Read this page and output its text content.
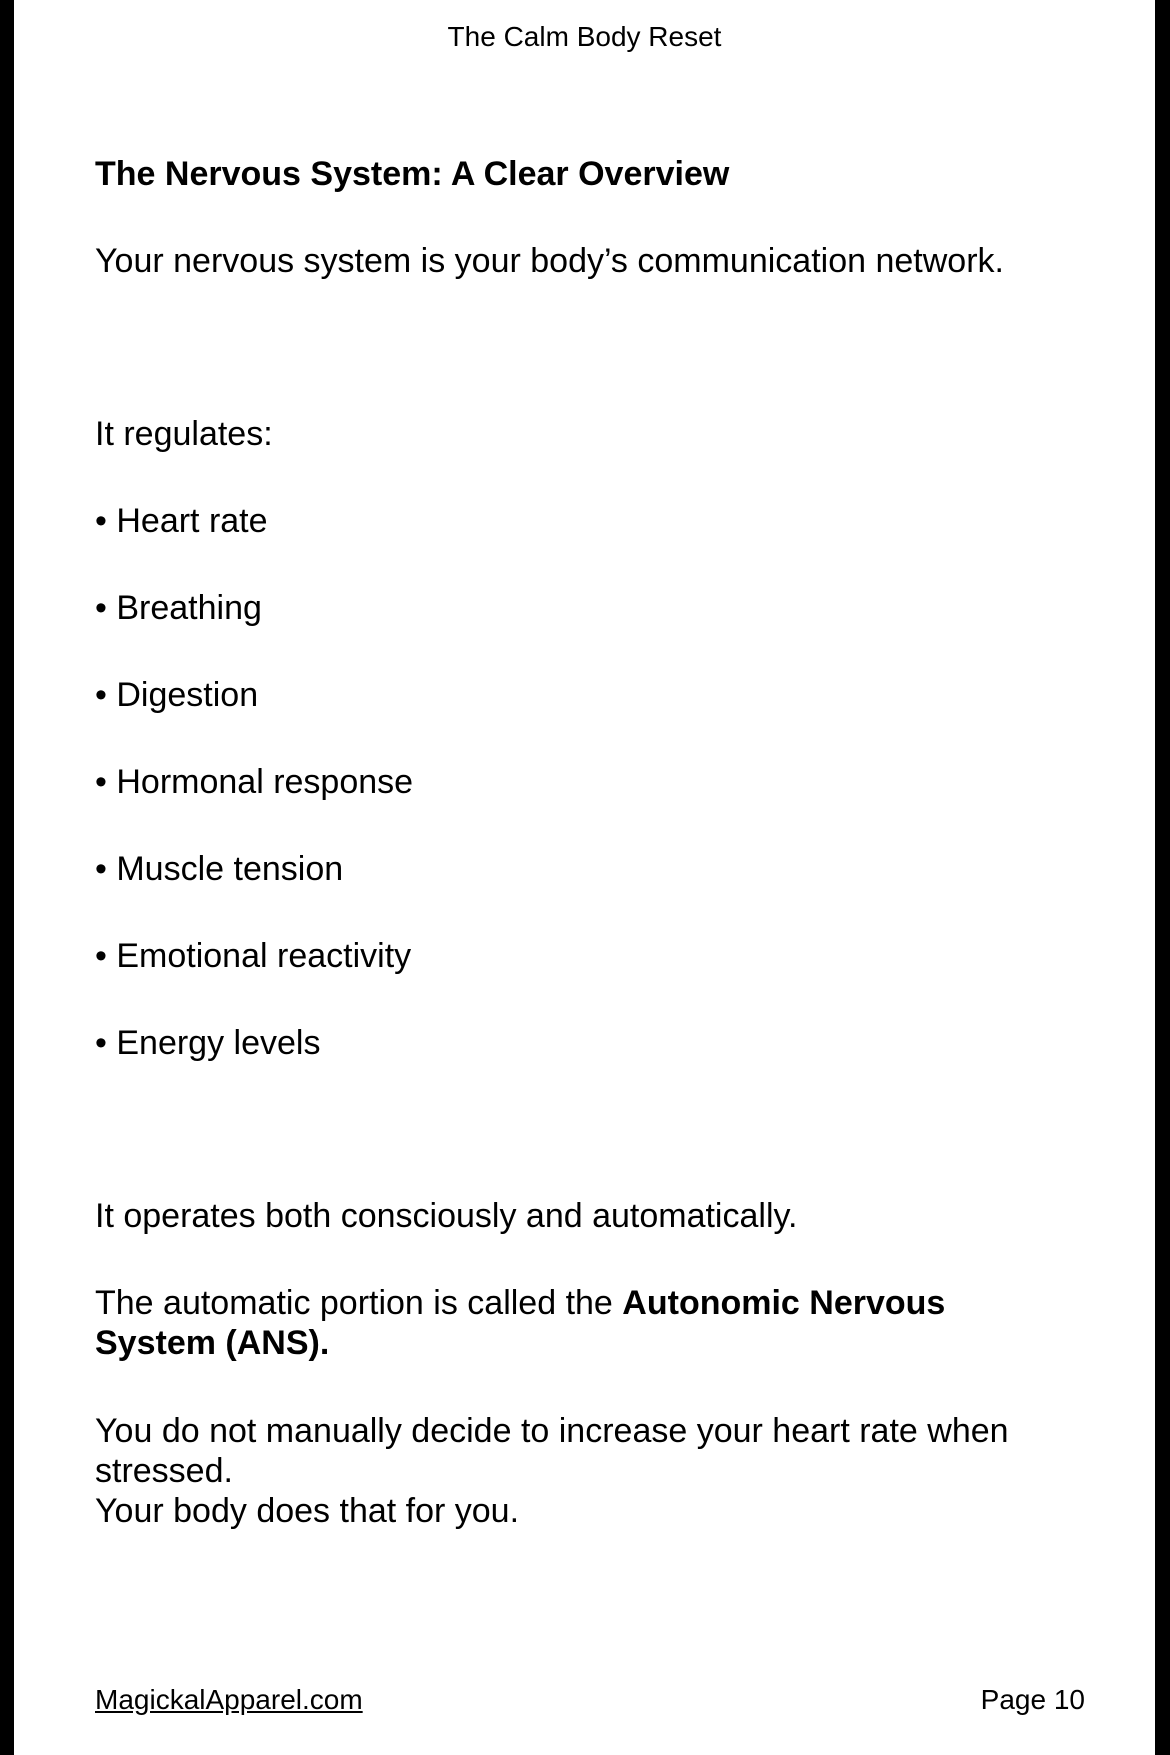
The Calm Body Reset
The Nervous System: A Clear Overview
Your nervous system is your body’s communication network.
It regulates:
• Heart rate
• Breathing
• Digestion
• Hormonal response
• Muscle tension
• Emotional reactivity
• Energy levels
It operates both consciously and automatically.
The automatic portion is called the Autonomic Nervous System (ANS).
You do not manually decide to increase your heart rate when stressed.
Your body does that for you.
MagickalApparel.com	Page 10
